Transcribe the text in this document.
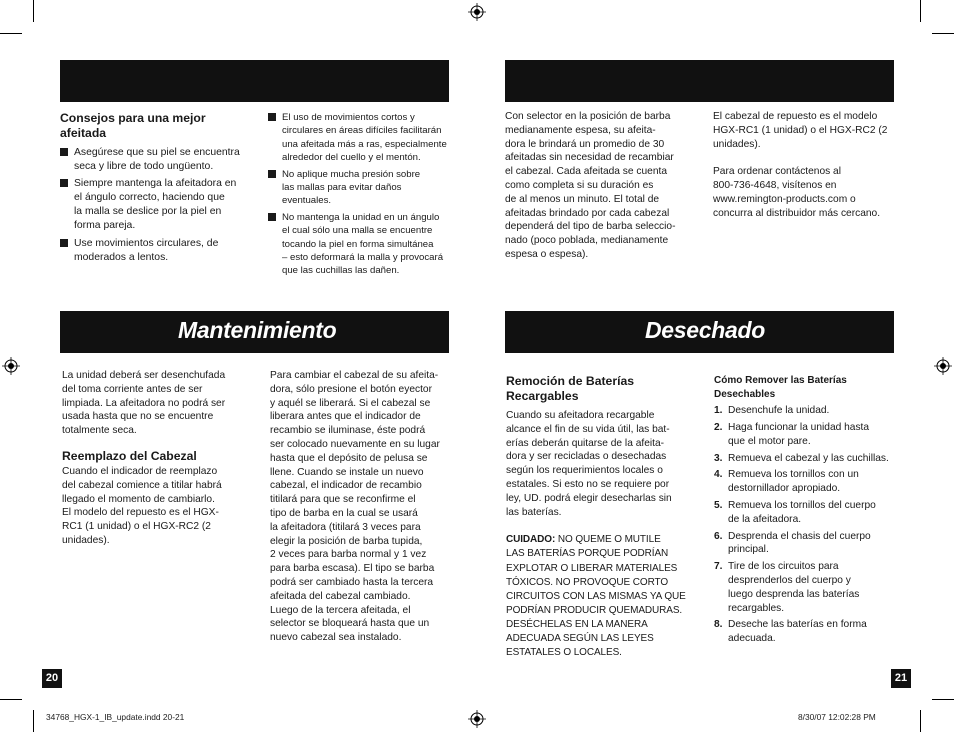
Consejos para una mejor
afeitada
Asegúrese que su piel se encuentra
seca y libre de todo ungüento.
Siempre mantenga la afeitadora en
el ángulo correcto, haciendo que
la malla se deslice por la piel en
forma pareja.
Use movimientos circulares, de
moderados a lentos.
El uso de movimientos cortos y
circulares en áreas difíciles facilitarán
una afeitada más a ras, especialmente
alrededor del cuello y el mentón.
No aplique mucha presión sobre
las mallas para evitar daños
eventuales.
No mantenga la unidad en un ángulo
el cual sólo una malla se encuentre
tocando la piel en forma simultánea
– esto deformará la malla y provocará
que las cuchillas las dañen.

Con selector en la posición de barba
medianamente espesa, su afeita-
dora le brindará un promedio de 30
afeitadas sin necesidad de recambiar
el cabezal. Cada afeitada se cuenta
como completa si su duración es
de al menos un minuto. El total de
afeitadas brindado por cada cabezal
dependerá del tipo de barba seleccio-
nado (poco poblada, medianamente
espesa o espesa).

El cabezal de repuesto es el modelo
HGX-RC1 (1 unidad) o el HGX-RC2 (2
unidades).

Para ordenar contáctenos al
800-736-4648, visítenos en
www.remington-products.com o
concurra al distribuidor más cercano.

Mantenimiento

La unidad deberá ser desenchufada
del toma corriente antes de ser
limpiada. La afeitadora no podrá ser
usada hasta que no se encuentre
totalmente seca.

Reemplazo del Cabezal

Cuando el indicador de reemplazo
del cabezal comience a titilar habrá
llegado el momento de cambiarlo.
El modelo del repuesto es el HGX-
RC1 (1 unidad) o el HGX-RC2 (2
unidades).

Para cambiar el cabezal de su afeita-
dora, sólo presione el botón eyector
y aquél se liberará. Si el cabezal se
liberara antes que el indicador de
recambio se iluminase, éste podrá
ser colocado nuevamente en su lugar
hasta que el depósito de pelusa se
llene. Cuando se instale un nuevo
cabezal, el indicador de recambio
titilará para que se reconfirme el
tipo de barba en la cual se usará
la afeitadora (titilará 3 veces para
elegir la posición de barba tupida,
2 veces para barba normal y 1 vez
para barba escasa). El tipo se barba
podrá ser cambiado hasta la tercera
afeitada del cabezal cambiado.
Luego de la tercera afeitada, el
selector se bloqueará hasta que un
nuevo cabezal sea instalado.

Desechado
Remoción de Baterías
Recargables

Cuando su afeitadora recargable
alcance el fin de su vida útil, las bat-
erías deberán quitarse de la afeita-
dora y ser recicladas o desechadas
según los requerimientos locales o
estatales. Si esto no se requiere por
ley, UD. podrá elegir desecharlas sin
las baterías.

CUIDADO: NO QUEME O MUTILE
LAS BATERÍAS PORQUE PODRÍAN
EXPLOTAR O LIBERAR MATERIALES
TÓXICOS. NO PROVOQUE CORTO
CIRCUITOS CON LAS MISMAS YA QUE
PODRÍAN PRODUCIR QUEMADURAS.
DESÉCHELAS EN LA MANERA
ADECUADA SEGÚN LAS LEYES
ESTATALES O LOCALES.
Cómo Remover las Baterías
Desechables
1. Desenchufe la unidad.
2. Haga funcionar la unidad hasta
que el motor pare.
3. Remueva el cabezal y las cuchillas.
4. Remueva los tornillos con un
destornillador apropiado.
5. Remueva los tornillos del cuerpo
de la afeitadora.
6. Desprenda el chasis del cuerpo
principal.
7. Tire de los circuitos para
desprenderlos del cuerpo y
luego desprenda las baterías
recargables.
8. Deseche las baterías en forma
adecuada.
20	21
34768_HGX-1_IB_update.indd 20-21	8/30/07 12:02:28 PM
